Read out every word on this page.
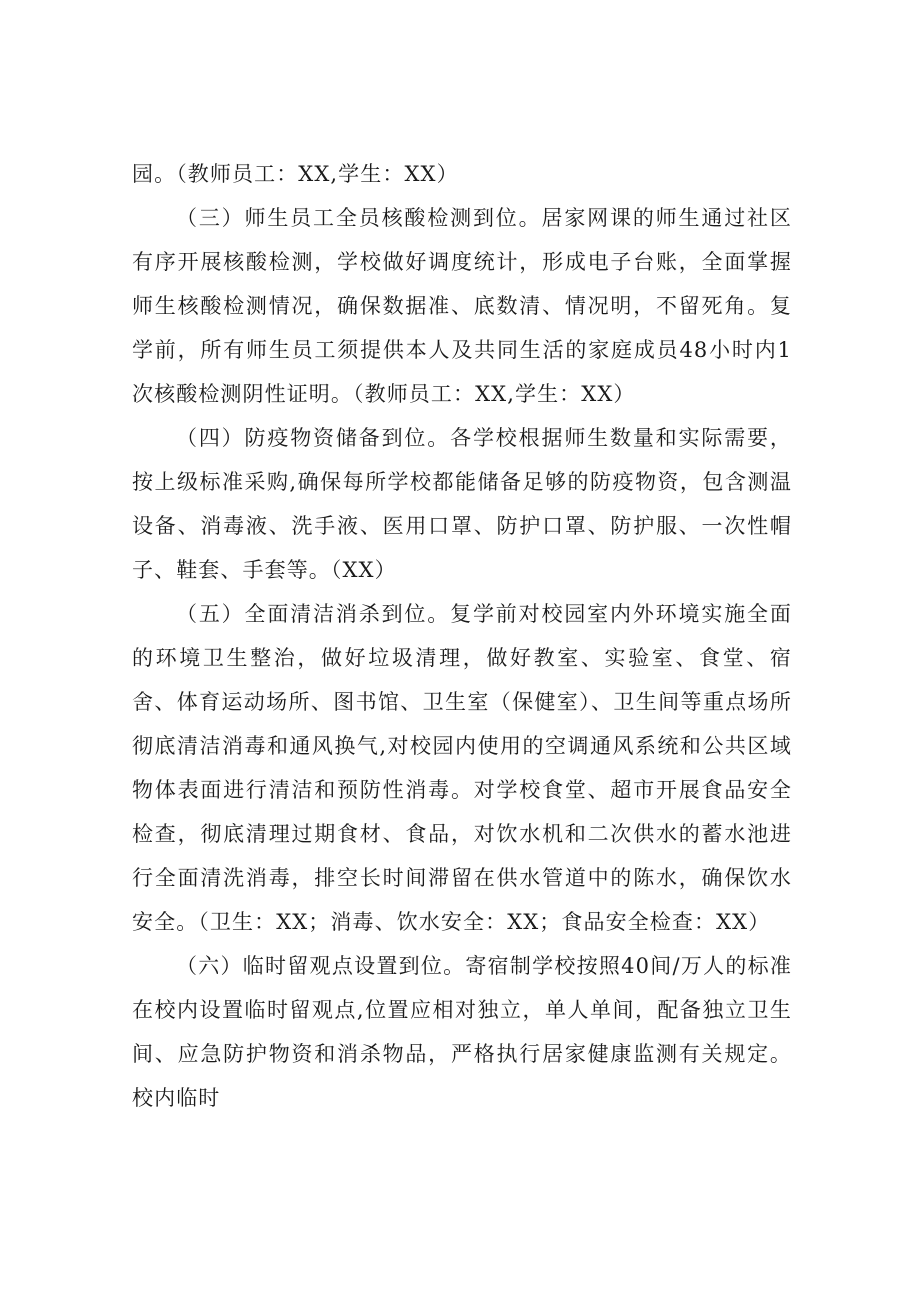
园。（教师员工：XX,学生：XX）

（三）师生员工全员核酸检测到位。居家网课的师生通过社区有序开展核酸检测，学校做好调度统计，形成电子台账，全面掌握师生核酸检测情况，确保数据准、底数清、情况明，不留死角。复学前，所有师生员工须提供本人及共同生活的家庭成员48小时内1次核酸检测阴性证明。（教师员工：XX,学生：XX）

（四）防疫物资储备到位。各学校根据师生数量和实际需要，按上级标准采购,确保每所学校都能储备足够的防疫物资，包含测温设备、消毒液、洗手液、医用口罩、防护口罩、防护服、一次性帽子、鞋套、手套等。（XX）

（五）全面清洁消杀到位。复学前对校园室内外环境实施全面的环境卫生整治，做好垃圾清理，做好教室、实验室、食堂、宿舍、体育运动场所、图书馆、卫生室（保健室）、卫生间等重点场所彻底清洁消毒和通风换气,对校园内使用的空调通风系统和公共区域物体表面进行清洁和预防性消毒。对学校食堂、超市开展食品安全检查，彻底清理过期食材、食品，对饮水机和二次供水的蓄水池进行全面清洗消毒，排空长时间滞留在供水管道中的陈水，确保饮水安全。（卫生：XX；消毒、饮水安全：XX；食品安全检查：XX）

（六）临时留观点设置到位。寄宿制学校按照40间/万人的标准在校内设置临时留观点,位置应相对独立，单人单间，配备独立卫生间、应急防护物资和消杀物品，严格执行居家健康监测有关规定。校内临时
